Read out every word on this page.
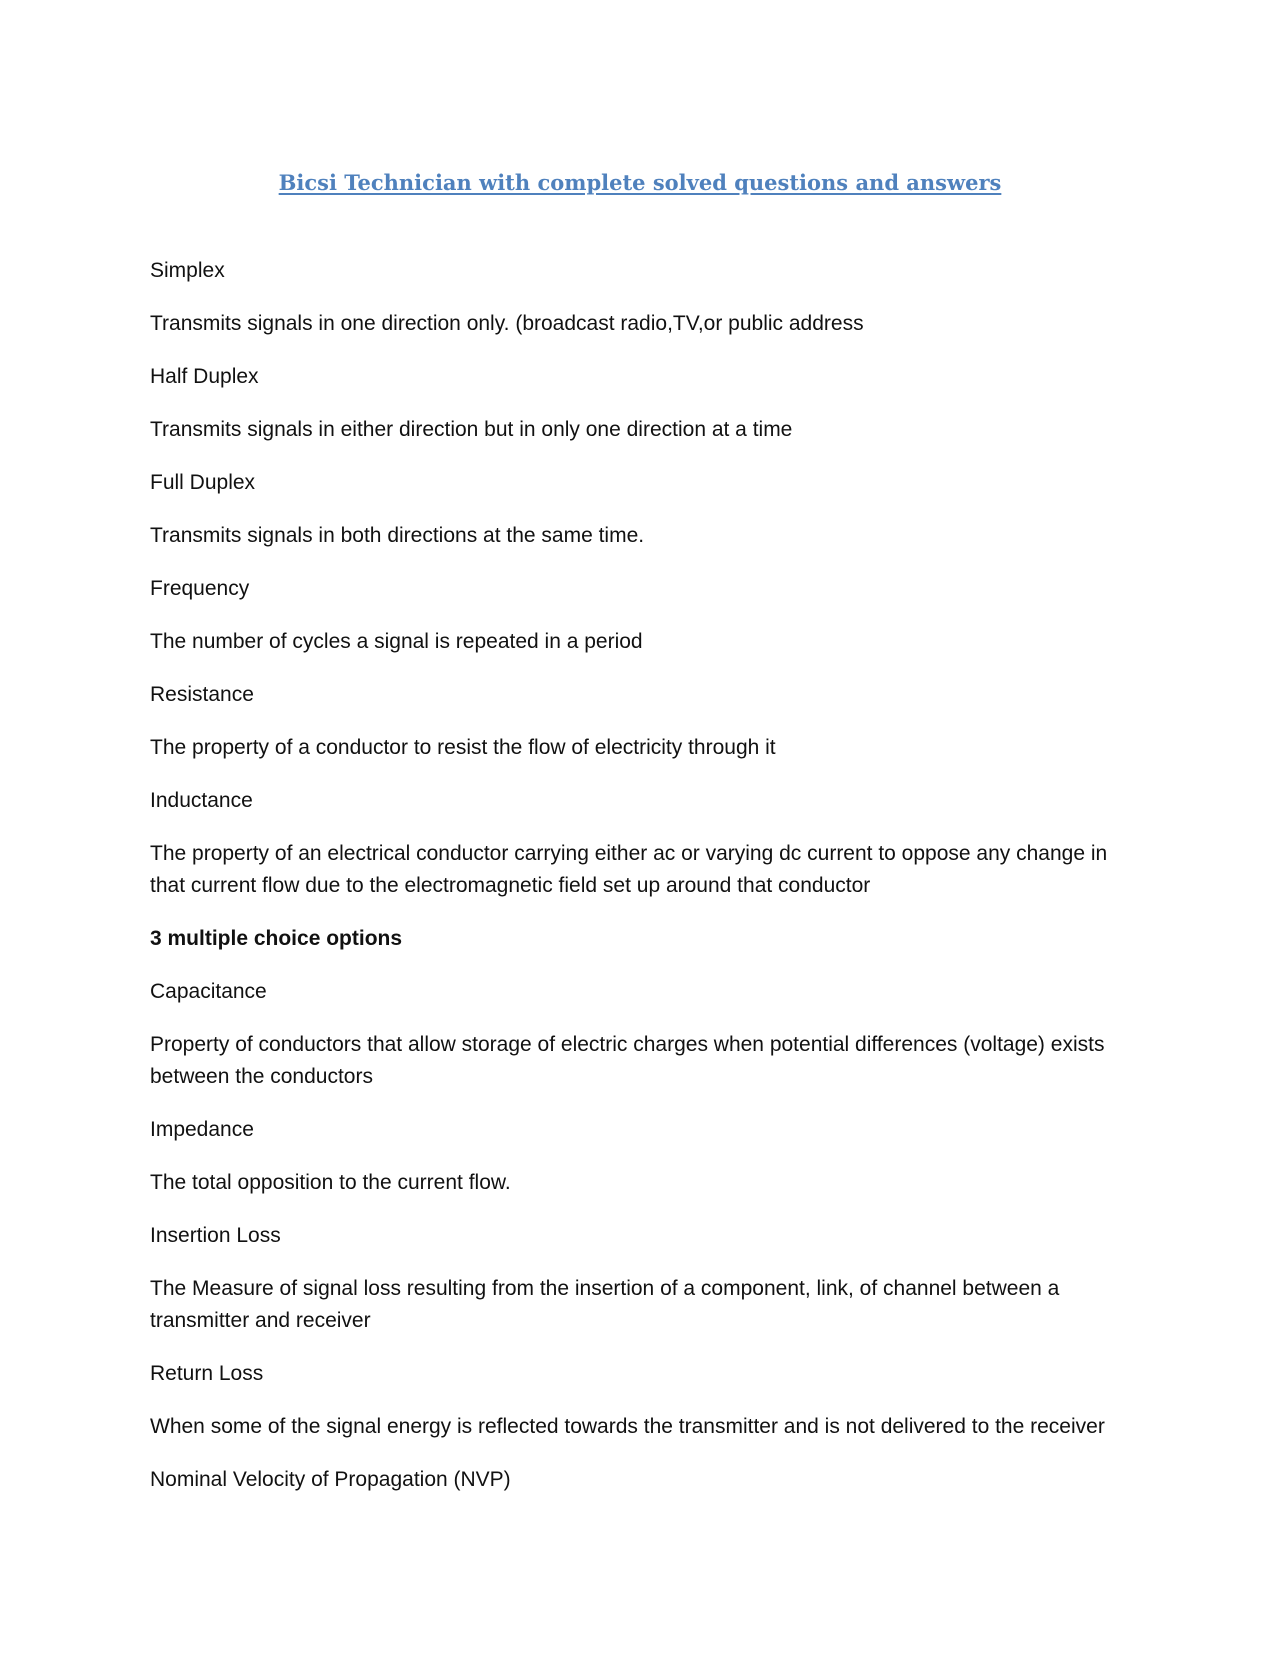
Bicsi Technician with complete solved questions and answers

Simplex

Transmits signals in one direction only. (broadcast radio,TV,or public address

Half Duplex

Transmits signals in either direction but in only one direction at a time

Full Duplex

Transmits signals in both directions at the same time.

Frequency

The number of cycles a signal is repeated in a period

Resistance

The property of a conductor to resist the flow of electricity through it

Inductance

The property of an electrical conductor carrying either ac or varying dc current to oppose any change in that current flow due to the electromagnetic field set up around that conductor

3 multiple choice options

Capacitance

Property of conductors that allow storage of electric charges when potential differences (voltage) exists between the conductors

Impedance

The total opposition to the current flow.

Insertion Loss

The Measure of signal loss resulting from the insertion of a component, link, of channel between a transmitter and receiver

Return Loss

When some of the signal energy is reflected towards the transmitter and is not delivered to the receiver

Nominal Velocity of Propagation (NVP)
